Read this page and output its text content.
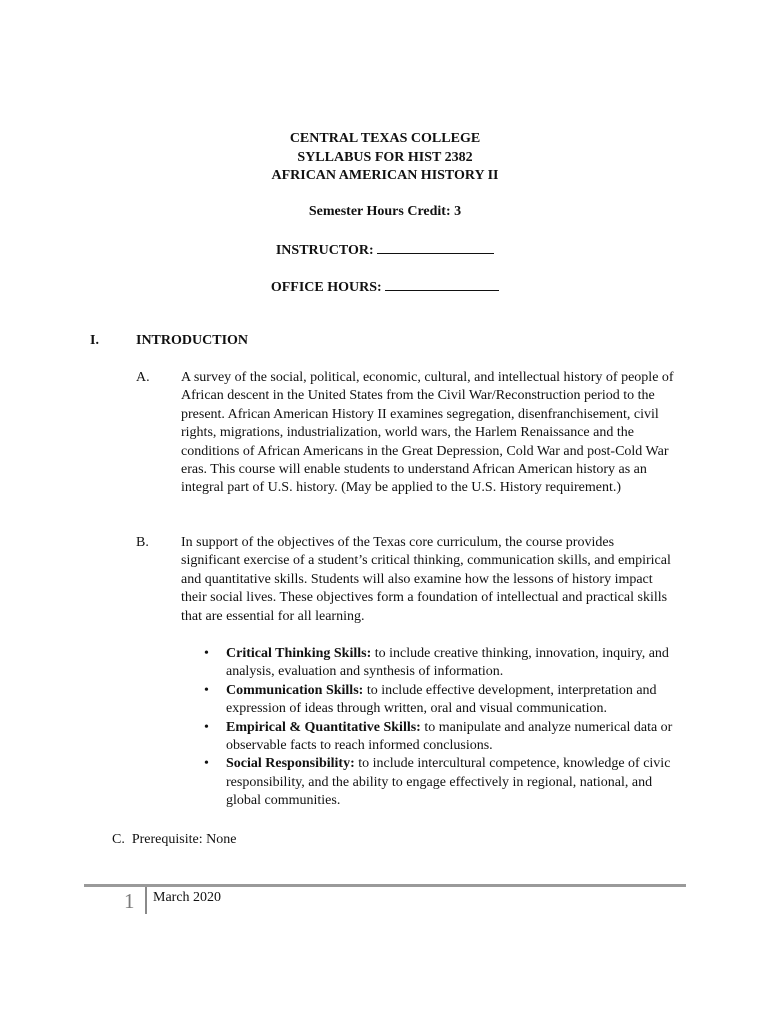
CENTRAL TEXAS COLLEGE
SYLLABUS FOR HIST 2382
AFRICAN AMERICAN HISTORY II
Semester Hours Credit: 3
INSTRUCTOR:
OFFICE HOURS:
I.	INTRODUCTION
A. A survey of the social, political, economic, cultural, and intellectual history of people of African descent in the United States from the Civil War/Reconstruction period to the present. African American History II examines segregation, disenfranchisement, civil rights, migrations, industrialization, world wars, the Harlem Renaissance and the conditions of African Americans in the Great Depression, Cold War and post-Cold War eras. This course will enable students to understand African American history as an integral part of U.S. history. (May be applied to the U.S. History requirement.)
B. In support of the objectives of the Texas core curriculum, the course provides significant exercise of a student’s critical thinking, communication skills, and empirical and quantitative skills. Students will also examine how the lessons of history impact their social lives. These objectives form a foundation of intellectual and practical skills that are essential for all learning.
• Critical Thinking Skills: to include creative thinking, innovation, inquiry, and analysis, evaluation and synthesis of information.
• Communication Skills: to include effective development, interpretation and expression of ideas through written, oral and visual communication.
• Empirical & Quantitative Skills: to manipulate and analyze numerical data or observable facts to reach informed conclusions.
• Social Responsibility: to include intercultural competence, knowledge of civic responsibility, and the ability to engage effectively in regional, national, and global communities.
C.  Prerequisite: None
1 March 2020
